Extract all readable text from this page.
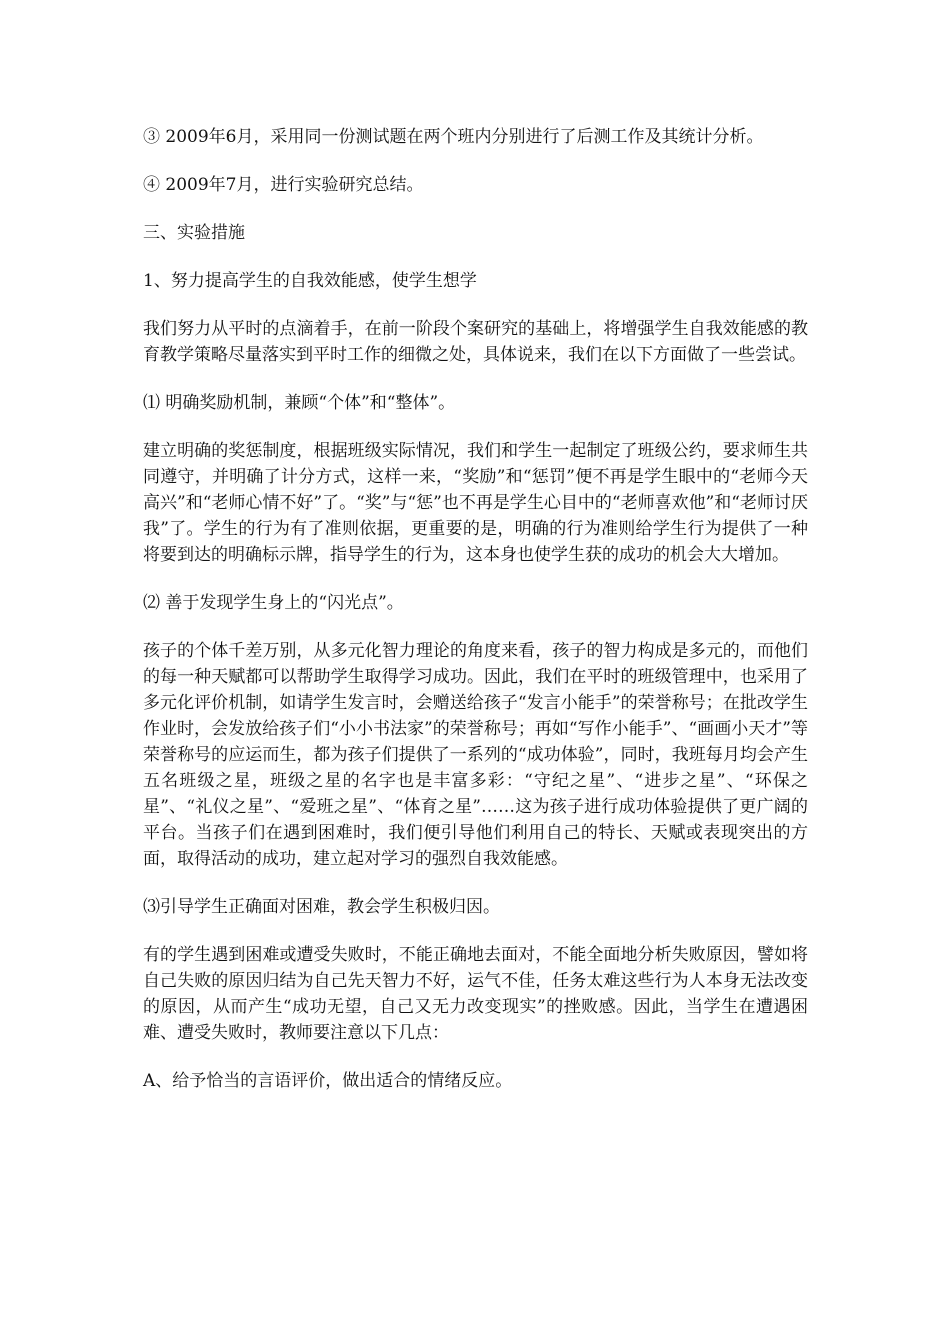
③ 2009年6月，采用同一份测试题在两个班内分别进行了后测工作及其统计分析。

④ 2009年7月，进行实验研究总结。

三、实验措施

1、努力提高学生的自我效能感，使学生想学

我们努力从平时的点滴着手，在前一阶段个案研究的基础上，将增强学生自我效能感的教育教学策略尽量落实到平时工作的细微之处，具体说来，我们在以下方面做了一些尝试。

⑴ 明确奖励机制，兼顾“个体”和“整体”。

建立明确的奖惩制度，根据班级实际情况，我们和学生一起制定了班级公约，要求师生共同遵守，并明确了计分方式，这样一来，“奖励”和“惩罚”便不再是学生眼中的“老师今天高兴”和“老师心情不好”了。“奖”与“惩”也不再是学生心目中的“老师喜欢他”和“老师讨厌我”了。学生的行为有了准则依据，更重要的是，明确的行为准则给学生行为提供了一种将要到达的明确标示牌，指导学生的行为，这本身也使学生获的成功的机会大大增加。

⑵ 善于发现学生身上的“闪光点”。

孩子的个体千差万别，从多元化智力理论的角度来看，孩子的智力构成是多元的，而他们的每一种天赋都可以帮助学生取得学习成功。因此，我们在平时的班级管理中，也采用了多元化评价机制，如请学生发言时，会赠送给孩子“发言小能手”的荣誉称号；在批改学生作业时，会发放给孩子们“小小书法家”的荣誉称号；再如“写作小能手”、“画画小天才”等荣誉称号的应运而生，都为孩子们提供了一系列的“成功体验”，同时，我班每月均会产生五名班级之星，班级之星的名字也是丰富多彩：“守纪之星”、“进步之星”、“环保之星”、“礼仪之星”、“爱班之星”、“体育之星”……这为孩子进行成功体验提供了更广阔的平台。当孩子们在遇到困难时，我们便引导他们利用自己的特长、天赋或表现突出的方面，取得活动的成功，建立起对学习的强烈自我效能感。

⑶引导学生正确面对困难，教会学生积极归因。

有的学生遇到困难或遭受失败时，不能正确地去面对，不能全面地分析失败原因，譬如将自己失败的原因归结为自己先天智力不好，运气不佳，任务太难这些行为人本身无法改变的原因，从而产生“成功无望，自己又无力改变现实”的挫败感。因此，当学生在遭遇困难、遭受失败时，教师要注意以下几点：

A、给予恰当的言语评价，做出适合的情绪反应。
